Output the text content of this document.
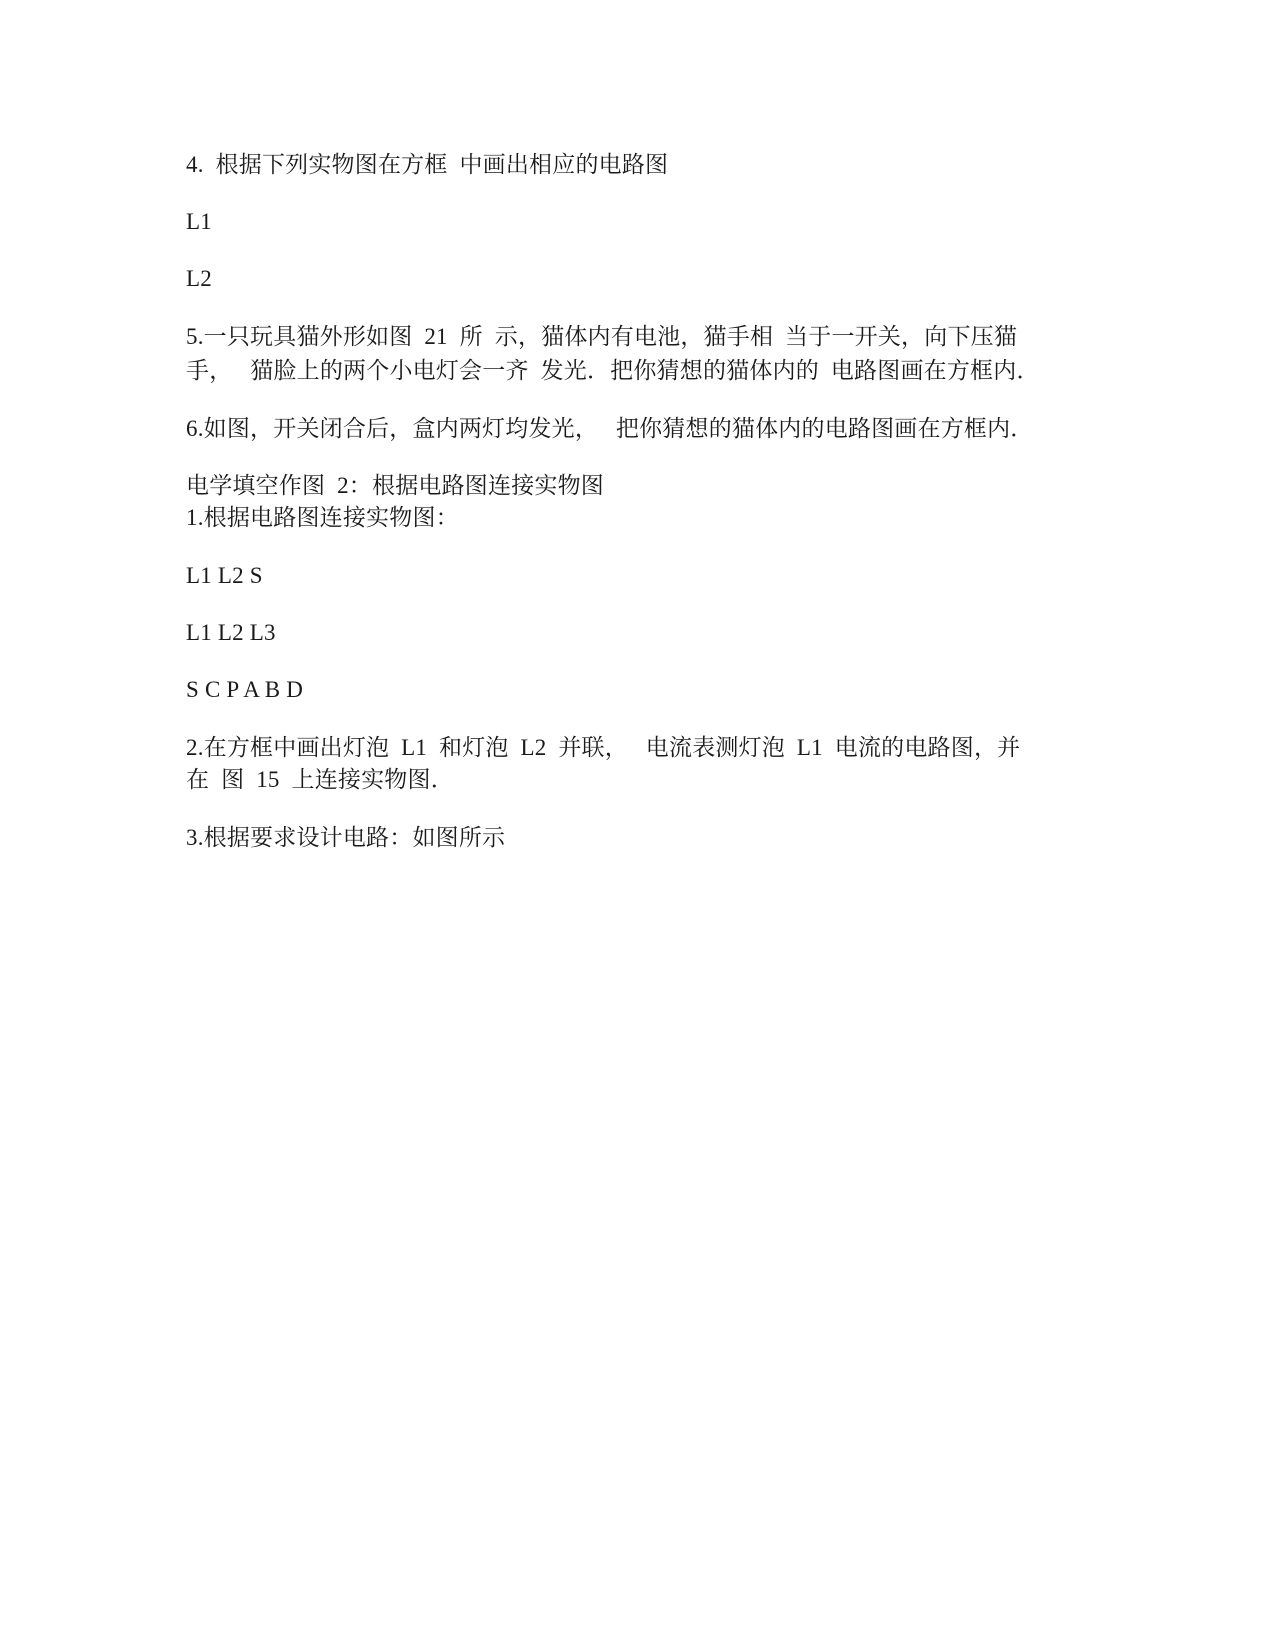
4.  根据下列实物图在方框  中画出相应的电路图
L1
L2
5.一只玩具猫外形如图  21  所  示，猫体内有电池，猫手相  当于一开关，向下压猫
手，   猫脸上的两个小电灯会一齐  发光．把你猜想的猫体内的  电路图画在方框内．
6.如图，开关闭合后，盒内两灯均发光，   把你猜想的猫体内的电路图画在方框内．
电学填空作图  2：根据电路图连接实物图
1.根据电路图连接实物图：
L1 L2 S
L1 L2 L3
S C P A B D
2.在方框中画出灯泡  L1  和灯泡  L2  并联，   电流表测灯泡  L1  电流的电路图，并
在  图  15  上连接实物图．
3.根据要求设计电路：如图所示
